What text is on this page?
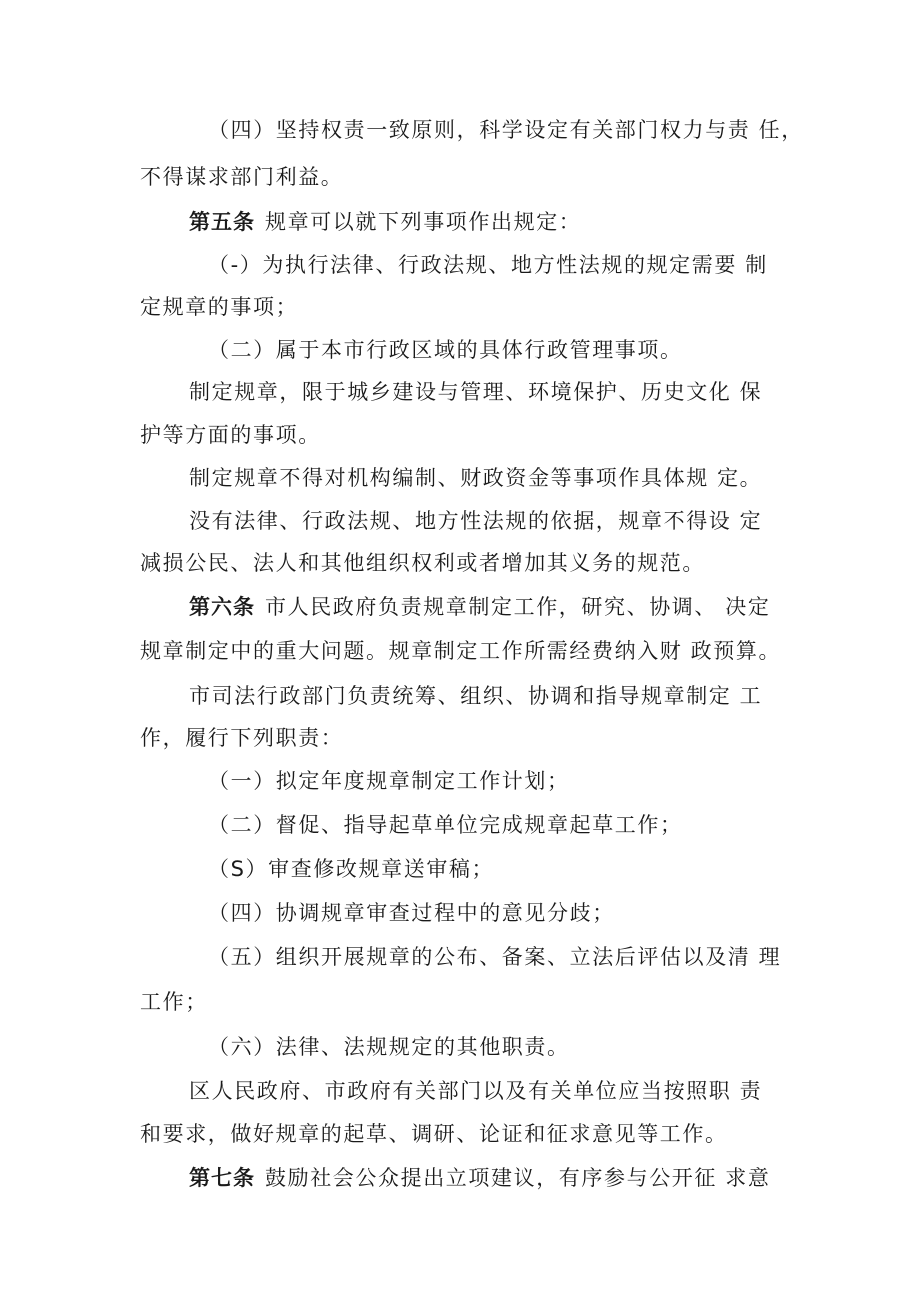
（四）坚持权责一致原则，科学设定有关部门权力与责 任，
不得谋求部门利益。
第五条 规章可以就下列事项作出规定：
（-）为执行法律、行政法规、地方性法规的规定需要 制
定规章的事项；
（二）属于本市行政区域的具体行政管理事项。
制定规章，限于城乡建设与管理、环境保护、历史文化 保
护等方面的事项。
制定规章不得对机构编制、财政资金等事项作具体规 定。
没有法律、行政法规、地方性法规的依据，规章不得设 定
减损公民、法人和其他组织权利或者增加其义务的规范。
第六条 市人民政府负责规章制定工作，研究、协调、 决定
规章制定中的重大问题。规章制定工作所需经费纳入财 政预算。
市司法行政部门负责统筹、组织、协调和指导规章制定 工
作，履行下列职责：
（一）拟定年度规章制定工作计划；
（二）督促、指导起草单位完成规章起草工作；
（S）审查修改规章送审稿；
（四）协调规章审查过程中的意见分歧；
（五）组织开展规章的公布、备案、立法后评估以及清 理
工作；
（六）法律、法规规定的其他职责。
区人民政府、市政府有关部门以及有关单位应当按照职 责
和要求，做好规章的起草、调研、论证和征求意见等工作。
第七条 鼓励社会公众提出立项建议，有序参与公开征 求意
